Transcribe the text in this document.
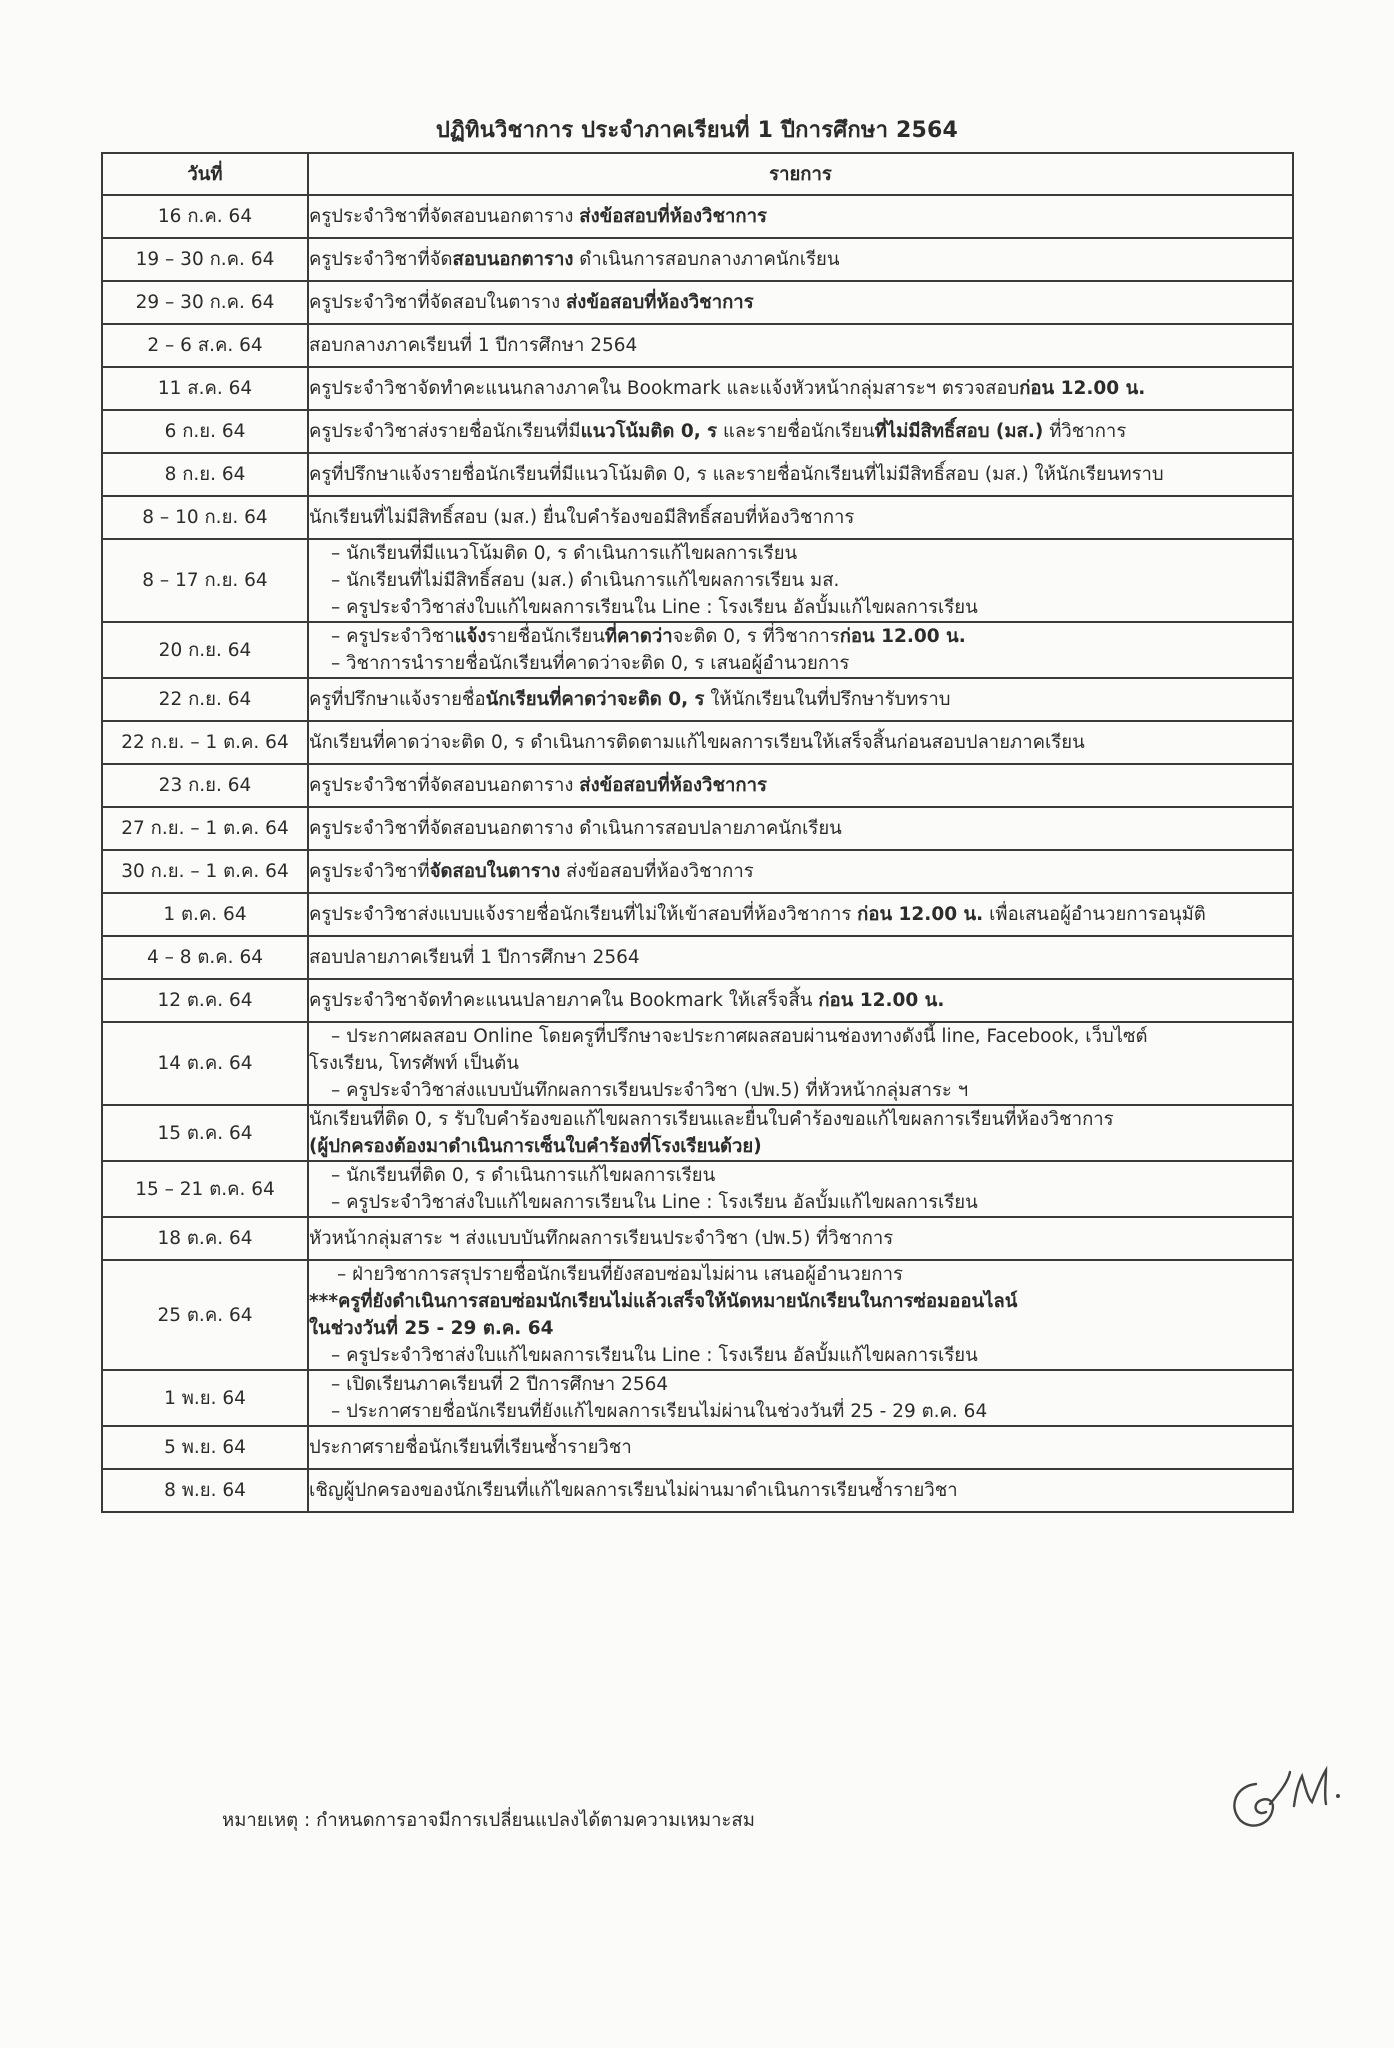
ปฏิทินวิชาการ ประจำภาคเรียนที่ 1 ปีการศึกษา 2564
วันที่	รายการ
16 ก.ค. 64	ครูประจำวิชาที่จัดสอบนอกตาราง ส่งข้อสอบที่ห้องวิชาการ

19 – 30 ก.ค. 64	ครูประจำวิชาที่จัดสอบนอกตาราง ดำเนินการสอบกลางภาคนักเรียน

29 – 30 ก.ค. 64	ครูประจำวิชาที่จัดสอบในตาราง ส่งข้อสอบที่ห้องวิชาการ

2 – 6 ส.ค. 64	สอบกลางภาคเรียนที่ 1 ปีการศึกษา 2564

11 ส.ค. 64	ครูประจำวิชาจัดทำคะแนนกลางภาคใน Bookmark และแจ้งหัวหน้ากลุ่มสาระฯ ตรวจสอบก่อน 12.00 น.

6 ก.ย. 64	ครูประจำวิชาส่งรายชื่อนักเรียนที่มีแนวโน้มติด 0, ร และรายชื่อนักเรียนที่ไม่มีสิทธิ์สอบ (มส.) ที่วิชาการ

8 ก.ย. 64	ครูที่ปรึกษาแจ้งรายชื่อนักเรียนที่มีแนวโน้มติด 0, ร และรายชื่อนักเรียนที่ไม่มีสิทธิ์สอบ (มส.) ให้นักเรียนทราบ

8 – 10 ก.ย. 64	นักเรียนที่ไม่มีสิทธิ์สอบ (มส.) ยื่นใบคำร้องขอมีสิทธิ์สอบที่ห้องวิชาการ

8 – 17 ก.ย. 64	– นักเรียนที่มีแนวโน้มติด 0, ร ดำเนินการแก้ไขผลการเรียน
– นักเรียนที่ไม่มีสิทธิ์สอบ (มส.) ดำเนินการแก้ไขผลการเรียน มส.
– ครูประจำวิชาส่งใบแก้ไขผลการเรียนใน Line : โรงเรียน อัลบั้มแก้ไขผลการเรียน

20 ก.ย. 64	– ครูประจำวิชาแจ้งรายชื่อนักเรียนที่คาดว่าจะติด 0, ร ที่วิชาการก่อน 12.00 น.
– วิชาการนำรายชื่อนักเรียนที่คาดว่าจะติด 0, ร เสนอผู้อำนวยการ

22 ก.ย. 64	ครูที่ปรึกษาแจ้งรายชื่อนักเรียนที่คาดว่าจะติด 0, ร ให้นักเรียนในที่ปรึกษารับทราบ

22 ก.ย. – 1 ต.ค. 64	นักเรียนที่คาดว่าจะติด 0, ร ดำเนินการติดตามแก้ไขผลการเรียนให้เสร็จสิ้นก่อนสอบปลายภาคเรียน

23 ก.ย. 64	ครูประจำวิชาที่จัดสอบนอกตาราง ส่งข้อสอบที่ห้องวิชาการ

27 ก.ย. – 1 ต.ค. 64	ครูประจำวิชาที่จัดสอบนอกตาราง ดำเนินการสอบปลายภาคนักเรียน

30 ก.ย. – 1 ต.ค. 64	ครูประจำวิชาที่จัดสอบในตาราง ส่งข้อสอบที่ห้องวิชาการ

1 ต.ค. 64	ครูประจำวิชาส่งแบบแจ้งรายชื่อนักเรียนที่ไม่ให้เข้าสอบที่ห้องวิชาการ ก่อน 12.00 น. เพื่อเสนอผู้อำนวยการอนุมัติ

4 – 8 ต.ค. 64	สอบปลายภาคเรียนที่ 1 ปีการศึกษา 2564

12 ต.ค. 64	ครูประจำวิชาจัดทำคะแนนปลายภาคใน Bookmark ให้เสร็จสิ้น ก่อน 12.00 น.

14 ต.ค. 64	– ประกาศผลสอบ Online โดยครูที่ปรึกษาจะประกาศผลสอบผ่านช่องทางดังนี้ line, Facebook, เว็บไซต์
โรงเรียน, โทรศัพท์ เป็นต้น
– ครูประจำวิชาส่งแบบบันทึกผลการเรียนประจำวิชา (ปพ.5) ที่หัวหน้ากลุ่มสาระ ฯ

15 ต.ค. 64	นักเรียนที่ติด 0, ร รับใบคำร้องขอแก้ไขผลการเรียนและยื่นใบคำร้องขอแก้ไขผลการเรียนที่ห้องวิชาการ
(ผู้ปกครองต้องมาดำเนินการเซ็นใบคำร้องที่โรงเรียนด้วย)

15 – 21 ต.ค. 64	– นักเรียนที่ติด 0, ร ดำเนินการแก้ไขผลการเรียน
– ครูประจำวิชาส่งใบแก้ไขผลการเรียนใน Line : โรงเรียน อัลบั้มแก้ไขผลการเรียน

18 ต.ค. 64	หัวหน้ากลุ่มสาระ ฯ ส่งแบบบันทึกผลการเรียนประจำวิชา (ปพ.5) ที่วิชาการ

25 ต.ค. 64	– ฝ่ายวิชาการสรุปรายชื่อนักเรียนที่ยังสอบซ่อมไม่ผ่าน เสนอผู้อำนวยการ
***ครูที่ยังดำเนินการสอบซ่อมนักเรียนไม่แล้วเสร็จให้นัดหมายนักเรียนในการซ่อมออนไลน์
ในช่วงวันที่ 25 - 29 ต.ค. 64
– ครูประจำวิชาส่งใบแก้ไขผลการเรียนใน Line : โรงเรียน อัลบั้มแก้ไขผลการเรียน

1 พ.ย. 64	– เปิดเรียนภาคเรียนที่ 2 ปีการศึกษา 2564
– ประกาศรายชื่อนักเรียนที่ยังแก้ไขผลการเรียนไม่ผ่านในช่วงวันที่ 25 - 29 ต.ค. 64

5 พ.ย. 64	ประกาศรายชื่อนักเรียนที่เรียนซ้ำรายวิชา

8 พ.ย. 64	เชิญผู้ปกครองของนักเรียนที่แก้ไขผลการเรียนไม่ผ่านมาดำเนินการเรียนซ้ำรายวิชา
หมายเหตุ : กำหนดการอาจมีการเปลี่ยนแปลงได้ตามความเหมาะสม
